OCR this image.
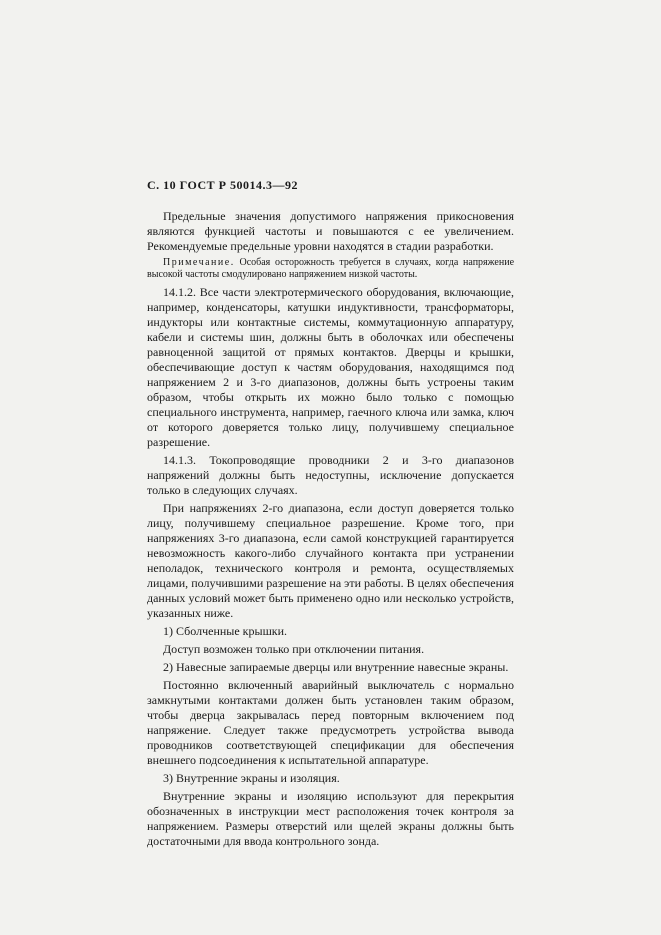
С. 10 ГОСТ Р 50014.3—92

Предельные значения допустимого напряжения прикосновения являются функцией частоты и повышаются с ее увеличением. Рекомендуемые предельные уровни находятся в стадии разработки.

Примечание. Особая осторожность требуется в случаях, когда напряжение высокой частоты смодулировано напряжением низкой частоты.

14.1.2. Все части электротермического оборудования, включающие, например, конденсаторы, катушки индуктивности, трансформаторы, индукторы или контактные системы, коммутационную аппаратуру, кабели и системы шин, должны быть в оболочках или обеспечены равноценной защитой от прямых контактов. Дверцы и крышки, обеспечивающие доступ к частям оборудования, находящимся под напряжением 2 и 3-го диапазонов, должны быть устроены таким образом, чтобы открыть их можно было только с помощью специального инструмента, например, гаечного ключа или замка, ключ от которого доверяется только лицу, получившему специальное разрешение.

14.1.3. Токопроводящие проводники 2 и 3-го диапазонов напряжений должны быть недоступны, исключение допускается только в следующих случаях.

При напряжениях 2-го диапазона, если доступ доверяется только лицу, получившему специальное разрешение. Кроме того, при напряжениях 3-го диапазона, если самой конструкцией гарантируется невозможность какого-либо случайного контакта при устранении неполадок, технического контроля и ремонта, осуществляемых лицами, получившими разрешение на эти работы. В целях обеспечения данных условий может быть применено одно или несколько устройств, указанных ниже.

1) Сболченные крышки.

Доступ возможен только при отключении питания.

2) Навесные запираемые дверцы или внутренние навесные экраны.

Постоянно включенный аварийный выключатель с нормально замкнутыми контактами должен быть установлен таким образом, чтобы дверца закрывалась перед повторным включением под напряжение. Следует также предусмотреть устройства вывода проводников соответствующей спецификации для обеспечения внешнего подсоединения к испытательной аппаратуре.

3) Внутренние экраны и изоляция.

Внутренние экраны и изоляцию используют для перекрытия обозначенных в инструкции мест расположения точек контроля за напряжением. Размеры отверстий или щелей экраны должны быть достаточными для ввода контрольного зонда.
